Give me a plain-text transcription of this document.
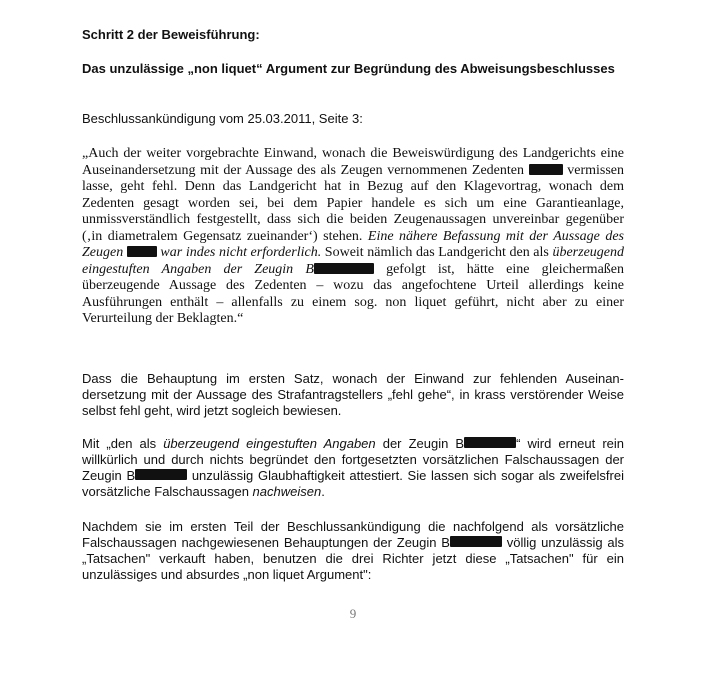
Schritt 2 der Beweisführung:

Das unzulässige „non liquet“ Argument zur Begründung des Abweisungsbeschlusses

Beschlussankündigung vom 25.03.2011, Seite 3:

„Auch der weiter vorgebrachte Einwand, wonach die Beweiswürdigung des Landgerichts eine Auseinandersetzung mit der Aussage des als Zeugen vernommenen Zedenten  vermissen lasse, geht fehl. Denn das Landgericht hat in Bezug auf den Klagevortrag, wonach dem Zedenten gesagt worden sei, bei dem Papier handele es sich um eine Garantieanlage, unmissverständlich festgestellt, dass sich die beiden Zeugenaussagen unvereinbar gegenüber (‚in diametralem Gegensatz zueinander‘) stehen. Eine nähere Befassung mit der Aussage des Zeugen  war indes nicht erforderlich. Soweit nämlich das Landgericht den als überzeugend eingestuften Angaben der Zeugin B	gefolgt ist, hätte eine gleichermaßen überzeugende Aussage des Zedenten – wozu das angefochtene Urteil allerdings keine Ausführungen enthält – allenfalls zu einem sog. non liquet geführt, nicht aber zu einer Verurteilung der Beklagten.“

Dass die Behauptung im ersten Satz, wonach der Einwand zur fehlenden Auseinandersetzung mit der Aussage des Strafantragstellers „fehl gehe“, in krass verstörender Weise selbst fehl geht, wird jetzt sogleich bewiesen.

Mit „den als überzeugend eingestuften Angaben der Zeugin B	“ wird erneut rein willkürlich und durch nichts begründet den fortgesetzten vorsätzlichen Falschaussagen der Zeugin B	unzulässig Glaubhaftigkeit attestiert. Sie lassen sich sogar als zweifelsfrei vorsätzliche Falschaussagen nachweisen.

Nachdem sie im ersten Teil der Beschlussankündigung die nachfolgend als vorsätzliche Falschaussagen nachgewiesenen Behauptungen der Zeugin B	völlig unzulässig als „Tatsachen" verkauft haben, benutzen die drei Richter jetzt diese „Tatsachen" für ein unzulässiges und absurdes „non liquet Argument":

9
